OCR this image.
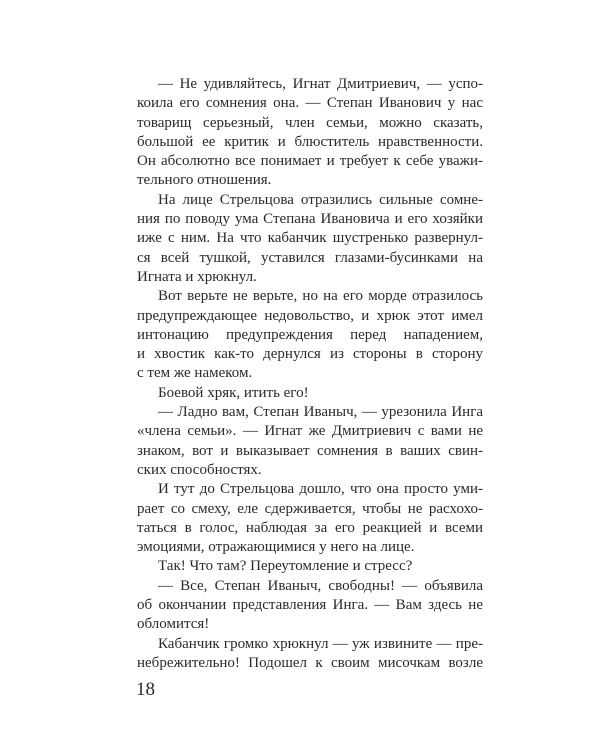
— Не удивляйтесь, Игнат Дмитриевич, — успо-
коила его сомнения она. — Степан Иванович у нас
товарищ серьезный, член семьи, можно сказать,
большой ее критик и блюститель нравственности.
Он абсолютно все понимает и требует к себе уважи-
тельного отношения.
На лице Стрельцова отразились сильные сомне-
ния по поводу ума Степана Ивановича и его хозяйки
иже с ним. На что кабанчик шустренько развернул-
ся всей тушкой, уставился глазами-бусинками на
Игната и хрюкнул.
Вот верьте не верьте, но на его морде отразилось
предупреждающее недовольство, и хрюк этот имел
интонацию предупреждения перед нападением,
и хвостик как-то дернулся из стороны в сторону
с тем же намеком.
Боевой хряк, итить его!
— Ладно вам, Степан Иваныч, — урезонила Инга
«члена семьи». — Игнат же Дмитриевич с вами не
знаком, вот и выказывает сомнения в ваших свин-
ских способностях.
И тут до Стрельцова дошло, что она просто уми-
рает со смеху, еле сдерживается, чтобы не расхохо-
таться в голос, наблюдая за его реакцией и всеми
эмоциями, отражающимися у него на лице.
Так! Что там? Переутомление и стресс?
— Все, Степан Иваныч, свободны! — объявила
об окончании представления Инга. — Вам здесь не
обломится!
Кабанчик громко хрюкнул — уж извините — пре-
небрежительно! Подошел к своим мисочкам возле
18
